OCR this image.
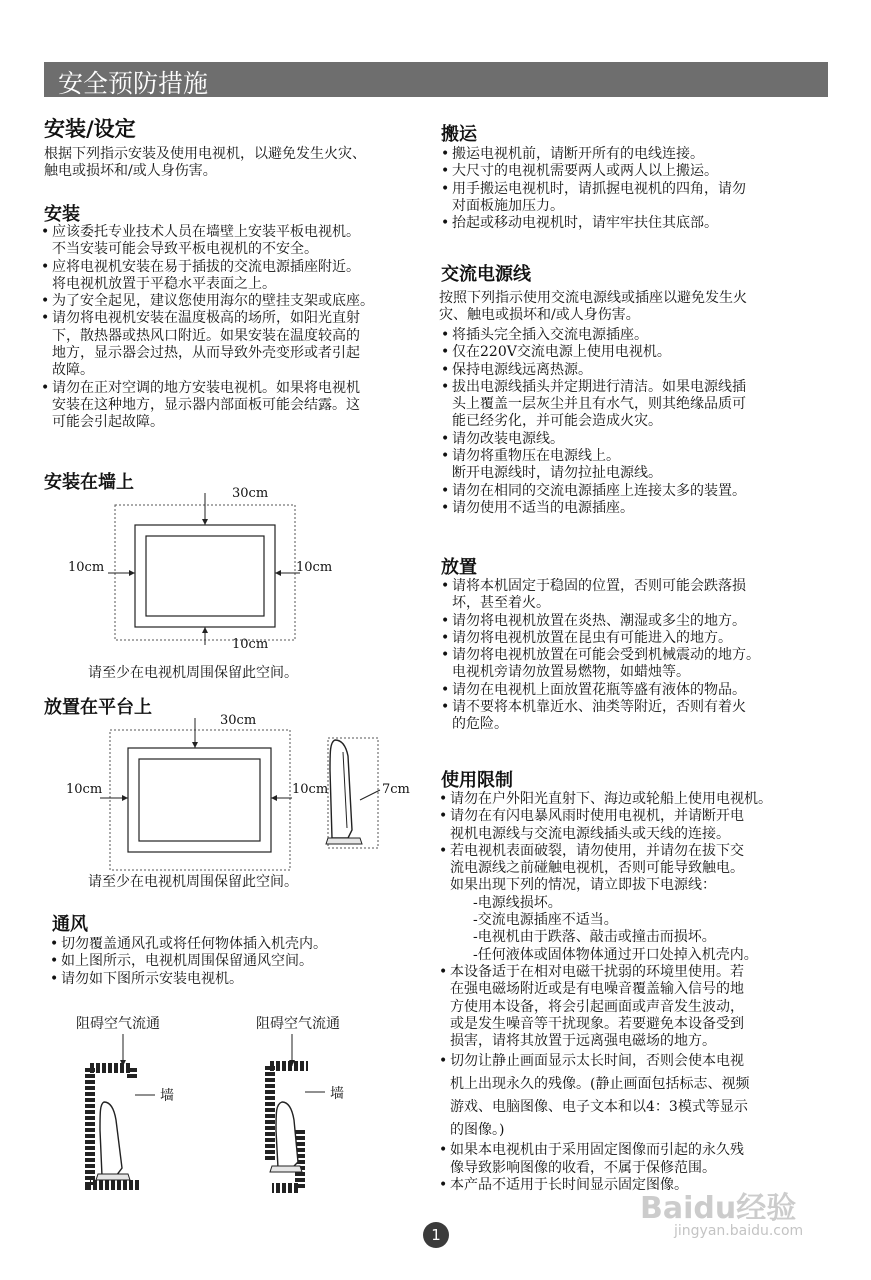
安全预防措施
安装/设定
根据下列指示安装及使用电视机，以避免发生火灾、
触电或损坏和/或人身伤害。
安装
• 应该委托专业技术人员在墙壁上安装平板电视机。
不当安装可能会导致平板电视机的不安全。
• 应将电视机安装在易于插拔的交流电源插座附近。
将电视机放置于平稳水平表面之上。
• 为了安全起见，建议您使用海尔的壁挂支架或底座。
• 请勿将电视机安装在温度极高的场所，如阳光直射
下，散热器或热风口附近。如果安装在温度较高的
地方，显示器会过热，从而导致外壳变形或者引起
故障。
• 请勿在正对空调的地方安装电视机。如果将电视机
安装在这种地方，显示器内部面板可能会结露。这
可能会引起故障。
安装在墙上
30cm
10cm	10cm
10cm
请至少在电视机周围保留此空间。
放置在平台上
30cm
10cm	10cm	7cm
请至少在电视机周围保留此空间。
通风
• 切勿覆盖通风孔或将任何物体插入机壳内。
• 如上图所示，电视机周围保留通风空间。
• 请勿如下图所示安装电视机。
阻碍空气流通
墙
阻碍空气流通
墙
搬运
• 搬运电视机前，请断开所有的电线连接。
• 大尺寸的电视机需要两人或两人以上搬运。
• 用手搬运电视机时，请抓握电视机的四角，请勿
对面板施加压力。
• 抬起或移动电视机时，请牢牢扶住其底部。
交流电源线
按照下列指示使用交流电源线或插座以避免发生火
灾、触电或损坏和/或人身伤害。
• 将插头完全插入交流电源插座。
• 仅在220V交流电源上使用电视机。
• 保持电源线远离热源。
• 拔出电源线插头并定期进行清洁。如果电源线插
头上覆盖一层灰尘并且有水气，则其绝缘品质可
能已经劣化，并可能会造成火灾。
• 请勿改装电源线。
• 请勿将重物压在电源线上。
断开电源线时，请勿拉扯电源线。
• 请勿在相同的交流电源插座上连接太多的装置。
• 请勿使用不适当的电源插座。
放置
• 请将本机固定于稳固的位置，否则可能会跌落损
坏，甚至着火。
• 请勿将电视机放置在炎热、潮湿或多尘的地方。
• 请勿将电视机放置在昆虫有可能进入的地方。
• 请勿将电视机放置在可能会受到机械震动的地方。
电视机旁请勿放置易燃物，如蜡烛等。
• 请勿在电视机上面放置花瓶等盛有液体的物品。
• 请不要将本机靠近水、油类等附近，否则有着火
的危险。
使用限制
• 请勿在户外阳光直射下、海边或轮船上使用电视机。
• 请勿在有闪电暴风雨时使用电视机，并请断开电
视机电源线与交流电源线插头或天线的连接。
• 若电视机表面破裂，请勿使用，并请勿在拔下交
流电源线之前碰触电视机，否则可能导致触电。
如果出现下列的情况，请立即拔下电源线：
-电源线损坏。
-交流电源插座不适当。
-电视机由于跌落、敲击或撞击而损坏。
-任何液体或固体物体通过开口处掉入机壳内。
• 本设备适于在相对电磁干扰弱的环境里使用。若
在强电磁场附近或是有电噪音覆盖输入信号的地
方使用本设备，将会引起画面或声音发生波动，
或是发生噪音等干扰现象。若要避免本设备受到
损害，请将其放置于远离强电磁场的地方。
• 切勿让静止画面显示太长时间，否则会使本电视
机上出现永久的残像。(静止画面包括标志、视频
游戏、电脑图像、电子文本和以4：3模式等显示
的图像。)
• 如果本电视机由于采用固定图像而引起的永久残
像导致影响图像的收看，不属于保修范围。
• 本产品不适用于长时间显示固定图像。
1
Baidu经验
jingyan.baidu.com
